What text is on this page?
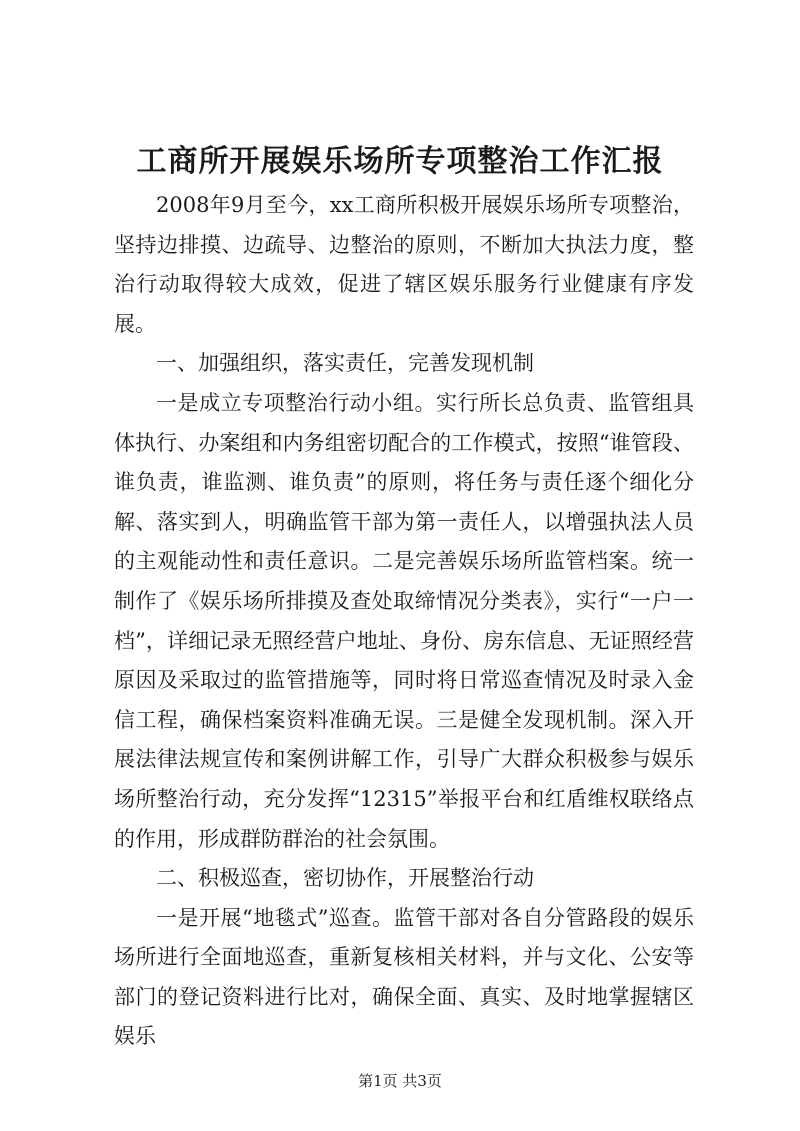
工商所开展娱乐场所专项整治工作汇报

2008年9月至今，xx工商所积极开展娱乐场所专项整治，坚持边排摸、边疏导、边整治的原则，不断加大执法力度，整治行动取得较大成效，促进了辖区娱乐服务行业健康有序发展。

一、加强组织，落实责任，完善发现机制

一是成立专项整治行动小组。实行所长总负责、监管组具体执行、办案组和内务组密切配合的工作模式，按照“谁管段、谁负责，谁监测、谁负责”的原则，将任务与责任逐个细化分解、落实到人，明确监管干部为第一责任人，以增强执法人员的主观能动性和责任意识。二是完善娱乐场所监管档案。统一制作了《娱乐场所排摸及查处取缔情况分类表》，实行“一户一档”，详细记录无照经营户地址、身份、房东信息、无证照经营原因及采取过的监管措施等，同时将日常巡查情况及时录入金信工程，确保档案资料准确无误。三是健全发现机制。深入开展法律法规宣传和案例讲解工作，引导广大群众积极参与娱乐场所整治行动，充分发挥“12315”举报平台和红盾维权联络点的作用，形成群防群治的社会氛围。

二、积极巡查，密切协作，开展整治行动

一是开展“地毯式”巡查。监管干部对各自分管路段的娱乐场所进行全面地巡查，重新复核相关材料，并与文化、公安等部门的登记资料进行比对，确保全面、真实、及时地掌握辖区娱乐

第1页 共3页
